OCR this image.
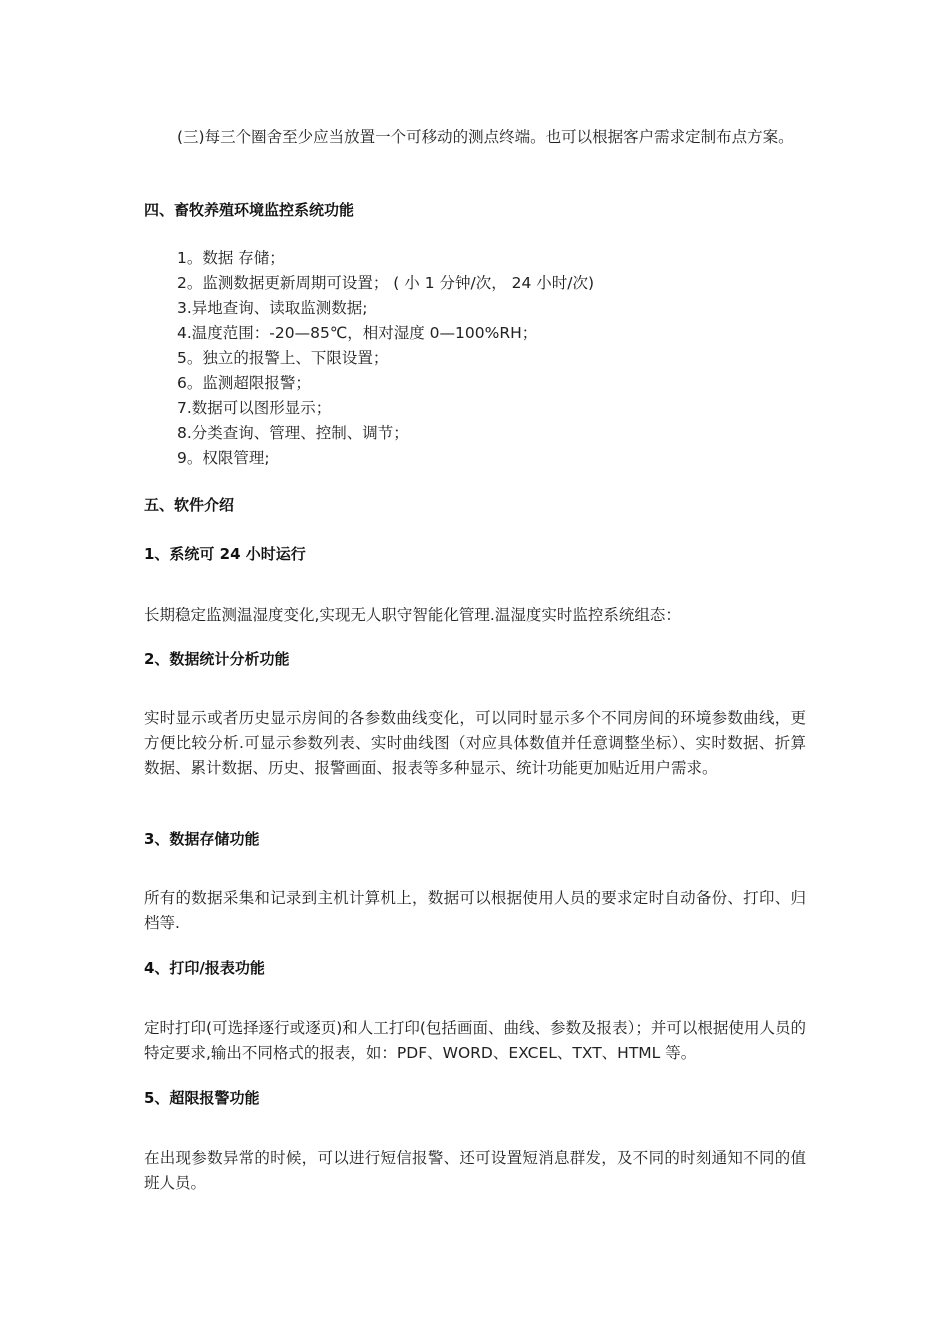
(三)每三个圈舍至少应当放置一个可移动的测点终端。也可以根据客户需求定制布点方案。

四、畜牧养殖环境监控系统功能
1。数据 存储；
2。监测数据更新周期可设置； ( 小 1 分钟/次， 24 小时/次)
3.异地查询、读取监测数据;
4.温度范围：-20—85℃，相对湿度 0—100%RH；
5。独立的报警上、下限设置；
6。监测超限报警；
7.数据可以图形显示；
8.分类查询、管理、控制、调节；
9。权限管理;
五、软件介绍
1、系统可 24 小时运行

长期稳定监测温湿度变化,实现无人职守智能化管理.温湿度实时监控系统组态：

2、数据统计分析功能

实时显示或者历史显示房间的各参数曲线变化，可以同时显示多个不同房间的环境参数曲线，更方便比较分析.可显示参数列表、实时曲线图（对应具体数值并任意调整坐标）、实时数据、折算数据、累计数据、历史、报警画面、报表等多种显示、统计功能更加贴近用户需求。

3、数据存储功能

所有的数据采集和记录到主机计算机上，数据可以根据使用人员的要求定时自动备份、打印、归档等.

4、打印/报表功能

定时打印(可选择逐行或逐页)和人工打印(包括画面、曲线、参数及报表）；并可以根据使用人员的特定要求,输出不同格式的报表，如：PDF、WORD、EXCEL、TXT、HTML 等。

5、超限报警功能

在出现参数异常的时候，可以进行短信报警、还可设置短消息群发，及不同的时刻通知不同的值班人员。
